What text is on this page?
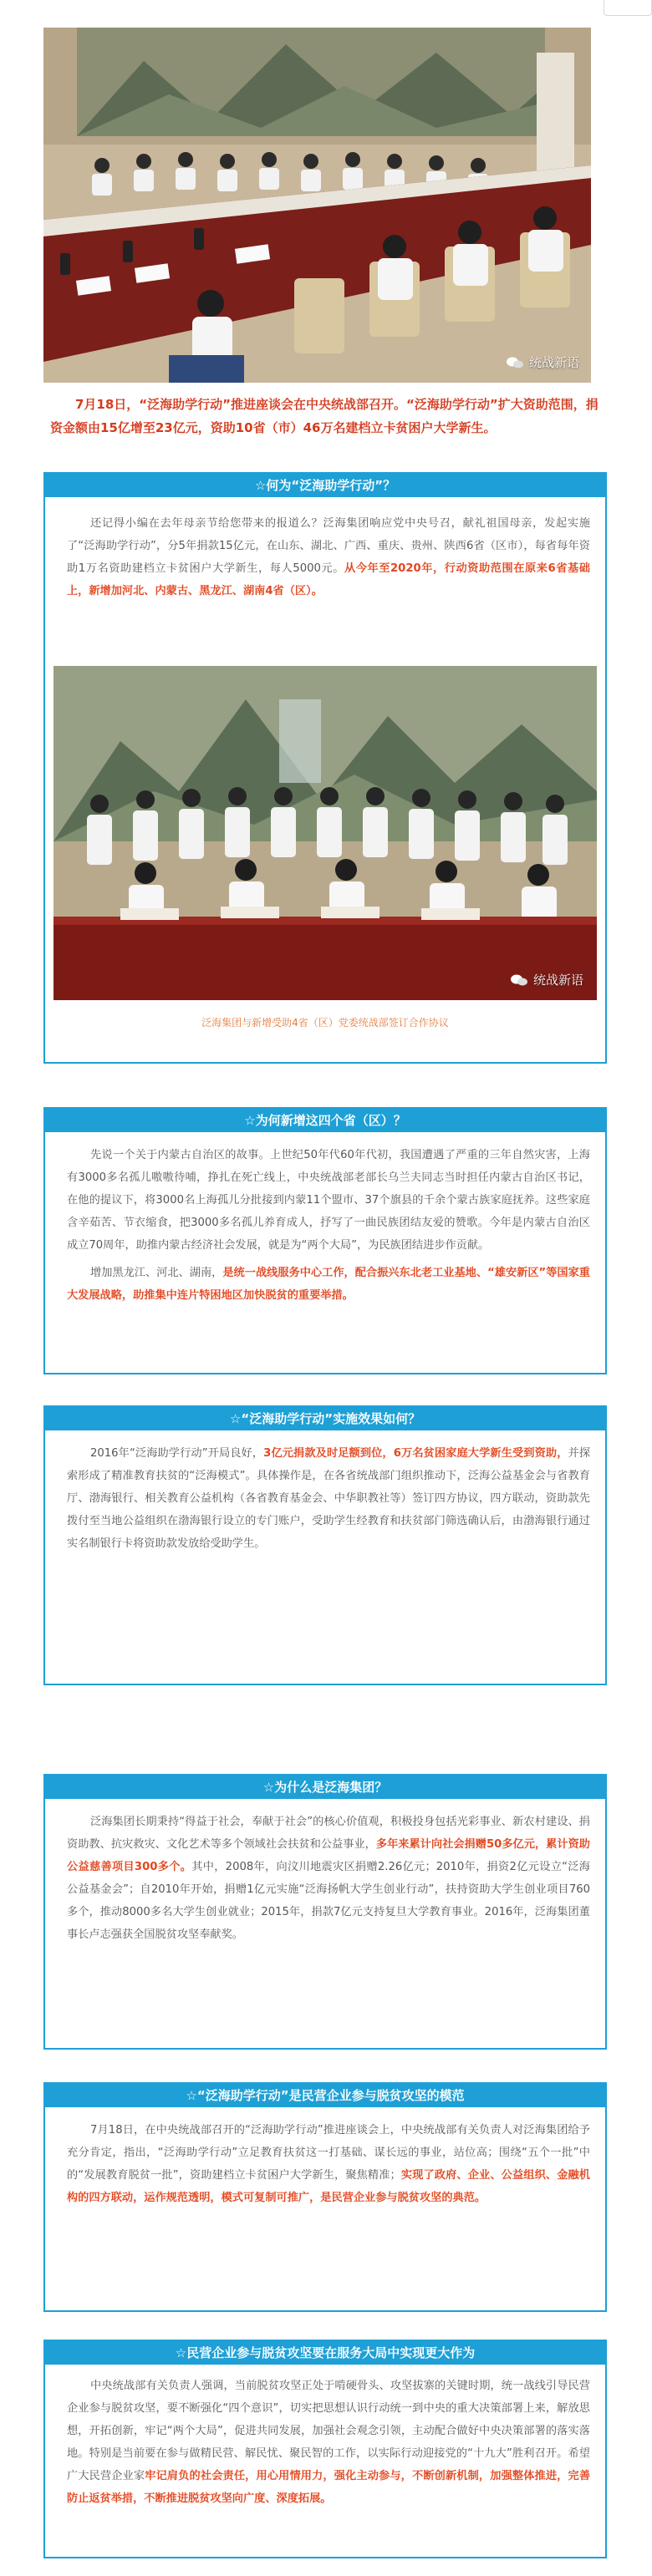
统战新语
7月18日，“泛海助学行动”推进座谈会在中央统战部召开。“泛海助学行动”扩大资助范围，捐资金额由15亿增至23亿元，资助10省（市）46万名建档立卡贫困户大学新生。
☆何为“泛海助学行动”？

还记得小编在去年母亲节给您带来的报道么？泛海集团响应党中央号召，献礼祖国母亲，发起实施了“泛海助学行动”，分5年捐款15亿元，在山东、湖北、广西、重庆、贵州、陕西6省（区市），每省每年资助1万名资助建档立卡贫困户大学新生，每人5000元。从今年至2020年，行动资助范围在原来6省基础上，新增加河北、内蒙古、黑龙江、湖南4省（区）。

统战新语
泛海集团与新增受助4省（区）党委统战部签订合作协议
☆为何新增这四个省（区）？

先说一个关于内蒙古自治区的故事。上世纪50年代60年代初，我国遭遇了严重的三年自然灾害，上海有3000多名孤儿嗷嗷待哺，挣扎在死亡线上，中央统战部老部长乌兰夫同志当时担任内蒙古自治区书记，在他的提议下，将3000名上海孤儿分批接到内蒙11个盟市、37个旗县的千余个蒙古族家庭抚养。这些家庭含辛茹苦、节衣缩食，把3000多名孤儿养育成人，抒写了一曲民族团结友爱的赞歌。今年是内蒙古自治区成立70周年，助推内蒙古经济社会发展，就是为“两个大局”，为民族团结进步作贡献。

增加黑龙江、河北、湖南，是统一战线服务中心工作，配合振兴东北老工业基地、“雄安新区”等国家重大发展战略，助推集中连片特困地区加快脱贫的重要举措。

☆“泛海助学行动”实施效果如何？

2016年“泛海助学行动”开局良好，3亿元捐款及时足额到位，6万名贫困家庭大学新生受到资助，并探索形成了精准教育扶贫的“泛海模式”。具体操作是，在各省统战部门组织推动下，泛海公益基金会与省教育厅、渤海银行、相关教育公益机构（各省教育基金会、中华职教社等）签订四方协议，四方联动，资助款先拨付至当地公益组织在渤海银行设立的专门账户，受助学生经教育和扶贫部门筛选确认后，由渤海银行通过实名制银行卡将资助款发放给受助学生。

☆为什么是泛海集团？

泛海集团长期秉持“得益于社会，奉献于社会”的核心价值观，积极投身包括光彩事业、新农村建设、捐资助教、抗灾救灾、文化艺术等多个领域社会扶贫和公益事业，多年来累计向社会捐赠50多亿元，累计资助公益慈善项目300多个。其中，2008年，向汶川地震灾区捐赠2.26亿元；2010年，捐资2亿元设立“泛海公益基金会”；自2010年开始，捐赠1亿元实施“泛海扬帆大学生创业行动”，扶持资助大学生创业项目760多个，推动8000多名大学生创业就业；2015年，捐款7亿元支持复旦大学教育事业。2016年，泛海集团董事长卢志强获全国脱贫攻坚奉献奖。

☆“泛海助学行动”是民营企业参与脱贫攻坚的模范

7月18日，在中央统战部召开的“泛海助学行动”推进座谈会上，中央统战部有关负责人对泛海集团给予充分肯定，指出，“泛海助学行动”立足教育扶贫这一打基础、谋长远的事业，站位高；围绕“五个一批”中的“发展教育脱贫一批”，资助建档立卡贫困户大学新生，聚焦精准；实现了政府、企业、公益组织、金融机构的四方联动，运作规范透明，模式可复制可推广，是民营企业参与脱贫攻坚的典范。

☆民营企业参与脱贫攻坚要在服务大局中实现更大作为

中央统战部有关负责人强调，当前脱贫攻坚正处于啃硬骨头、攻坚拔寨的关键时期，统一战线引导民营企业参与脱贫攻坚，要不断强化“四个意识”，切实把思想认识行动统一到中央的重大决策部署上来，解放思想，开拓创新，牢记“两个大局”，促进共同发展，加强社会观念引领，主动配合做好中央决策部署的落实落地。特别是当前要在参与做精民营、解民忧、聚民智的工作，以实际行动迎接党的“十九大”胜利召开。希望广大民营企业家牢记肩负的社会责任，用心用情用力，强化主动参与，不断创新机制，加强整体推进，完善防止返贫举措，不断推进脱贫攻坚向广度、深度拓展。
